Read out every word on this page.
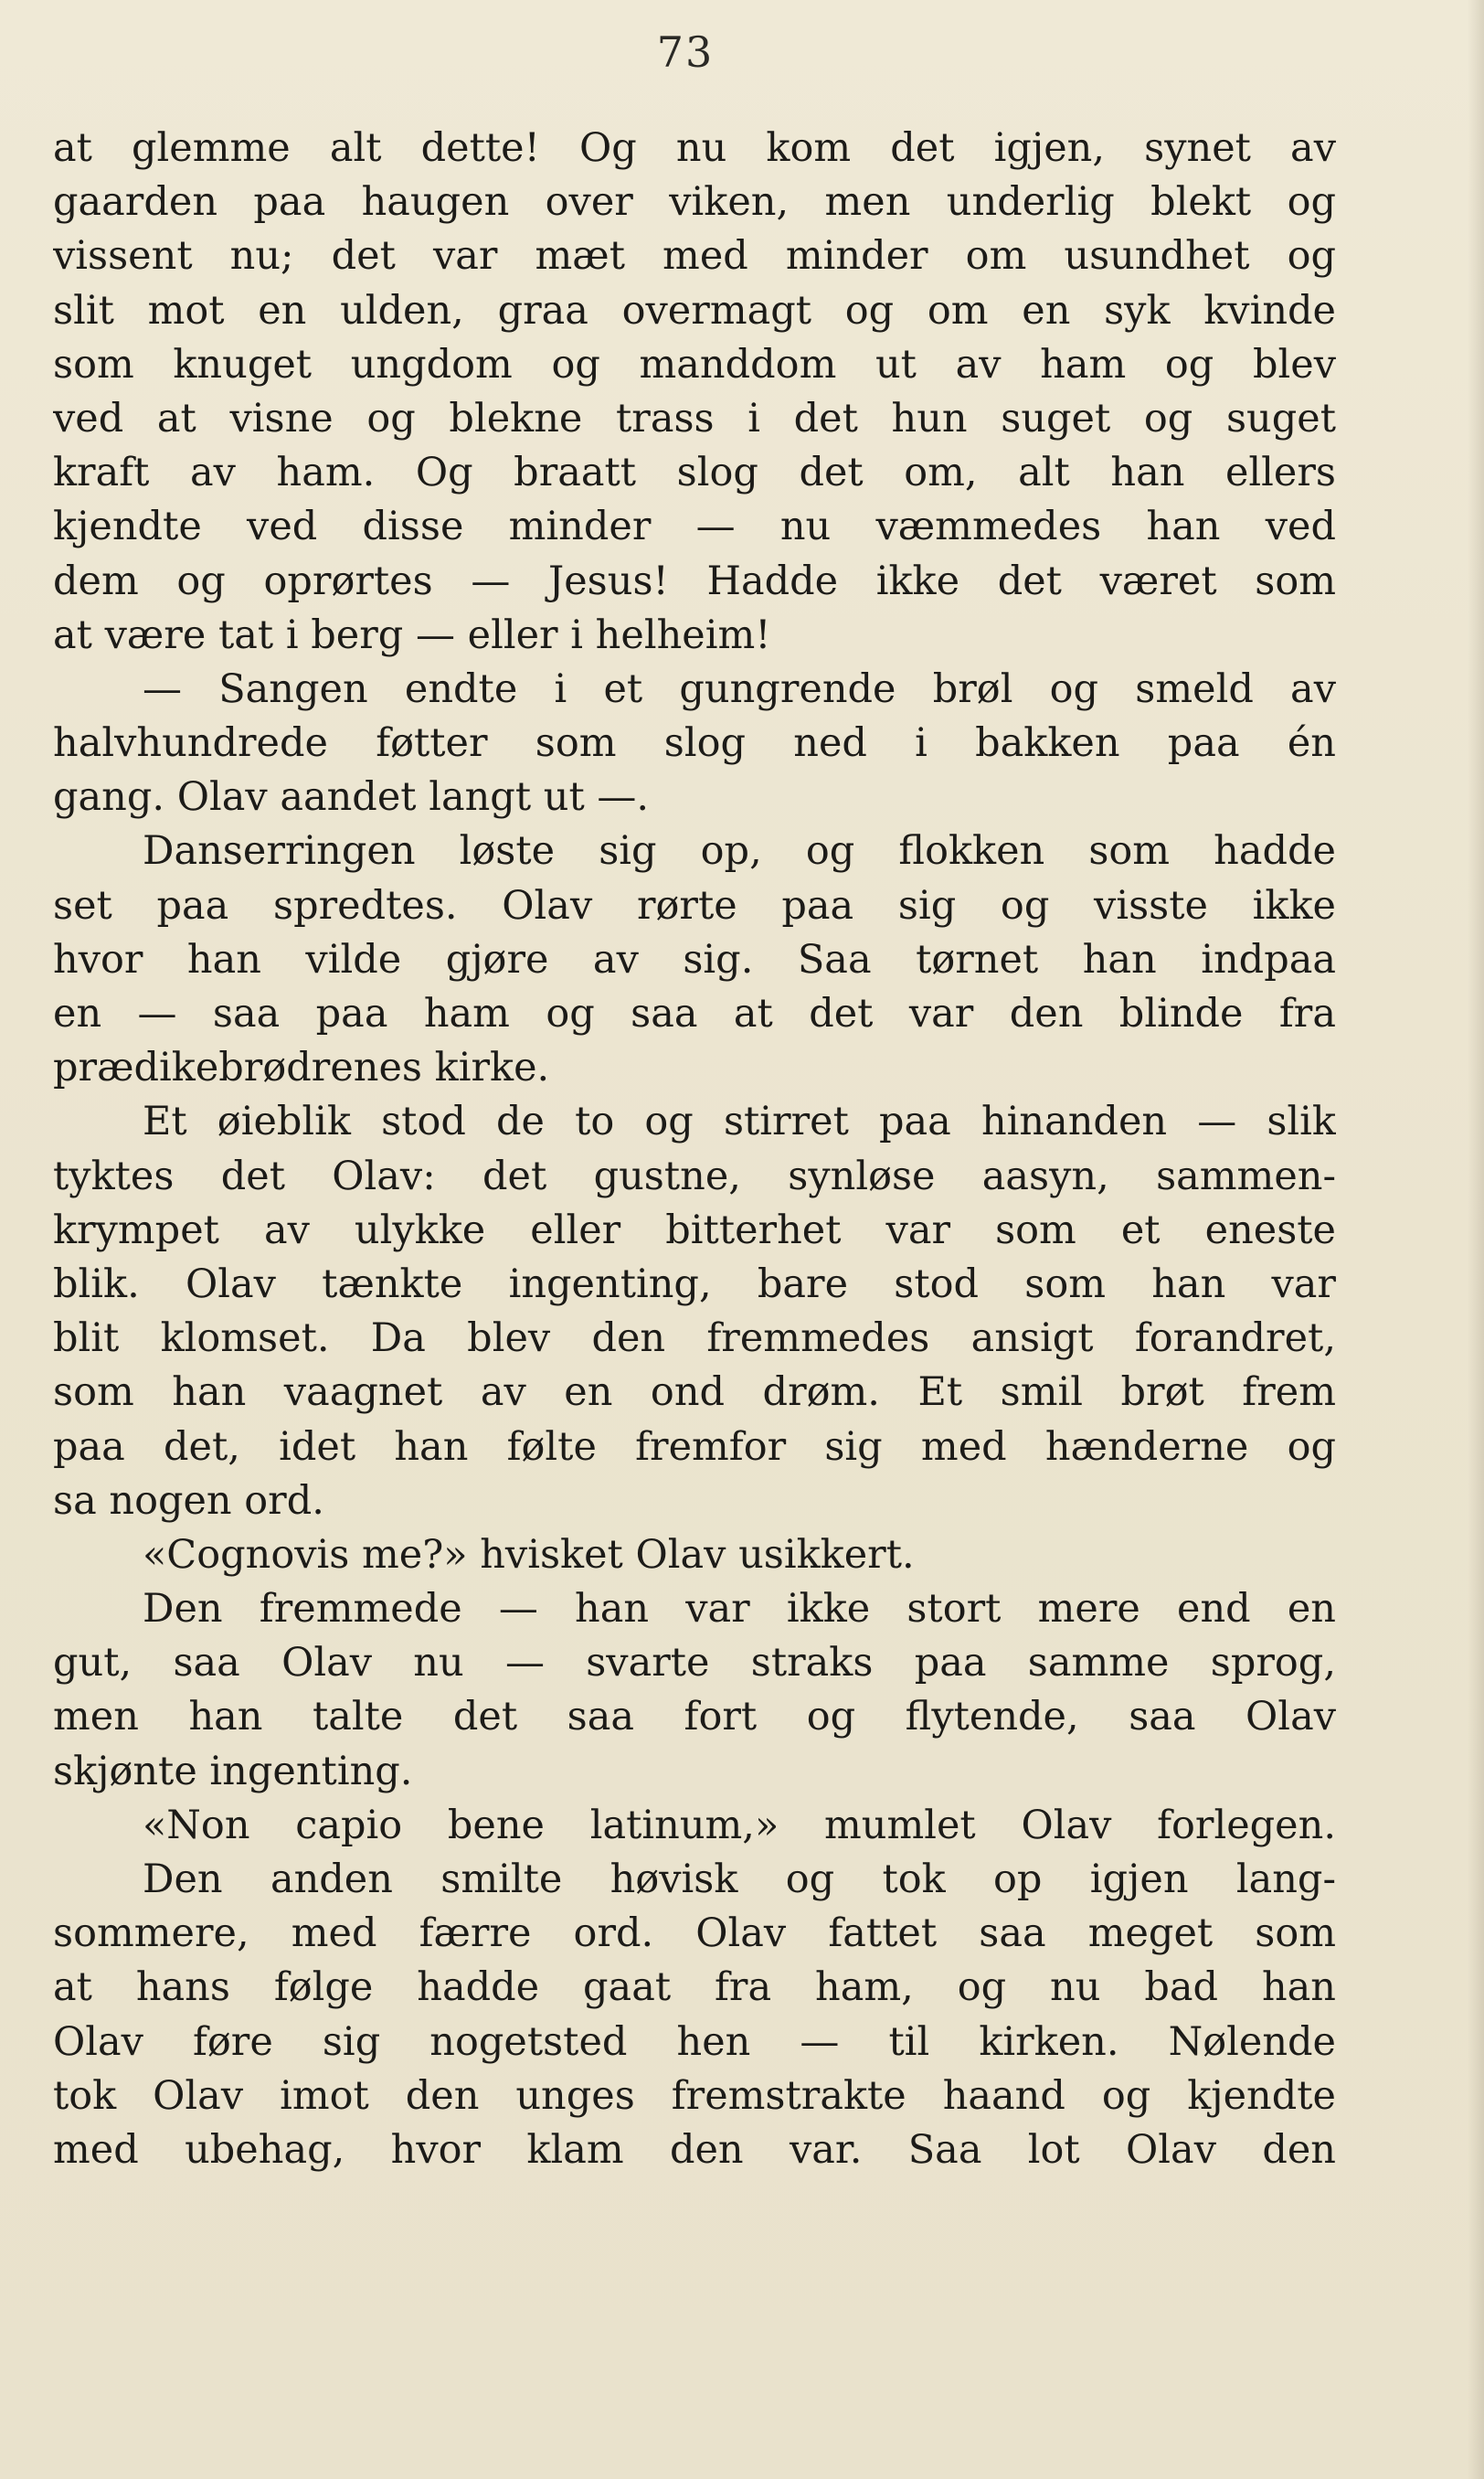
73
at glemme alt dette! Og nu kom det igjen, synet av
gaarden paa haugen over viken, men underlig blekt og
vissent nu; det var mæt med minder om usundhet og
slit mot en ulden, graa overmagt og om en syk kvinde
som knuget ungdom og manddom ut av ham og blev
ved at visne og blekne trass i det hun suget og suget
kraft av ham. Og braatt slog det om, alt han ellers
kjendte ved disse minder — nu væmmedes han ved
dem og oprørtes — Jesus! Hadde ikke det været som
at være tat i berg — eller i helheim!
— Sangen endte i et gungrende brøl og smeld av
halvhundrede føtter som slog ned i bakken paa én
gang. Olav aandet langt ut —.
Danserringen løste sig op, og flokken som hadde
set paa spredtes. Olav rørte paa sig og visste ikke
hvor han vilde gjøre av sig. Saa tørnet han indpaa
en — saa paa ham og saa at det var den blinde fra
prædikebrødrenes kirke.
Et øieblik stod de to og stirret paa hinanden — slik
tyktes det Olav: det gustne, synløse aasyn, sammen-
krympet av ulykke eller bitterhet var som et eneste
blik. Olav tænkte ingenting, bare stod som han var
blit klomset. Da blev den fremmedes ansigt forandret,
som han vaagnet av en ond drøm. Et smil brøt frem
paa det, idet han følte fremfor sig med hænderne og
sa nogen ord.
«Cognovis me?» hvisket Olav usikkert.
Den fremmede — han var ikke stort mere end en
gut, saa Olav nu — svarte straks paa samme sprog,
men han talte det saa fort og flytende, saa Olav
skjønte ingenting.
«Non capio bene latinum,» mumlet Olav forlegen.
Den anden smilte høvisk og tok op igjen lang-
sommere, med færre ord. Olav fattet saa meget som
at hans følge hadde gaat fra ham, og nu bad han
Olav føre sig nogetsted hen — til kirken. Nølende
tok Olav imot den unges fremstrakte haand og kjendte
med ubehag, hvor klam den var. Saa lot Olav den
